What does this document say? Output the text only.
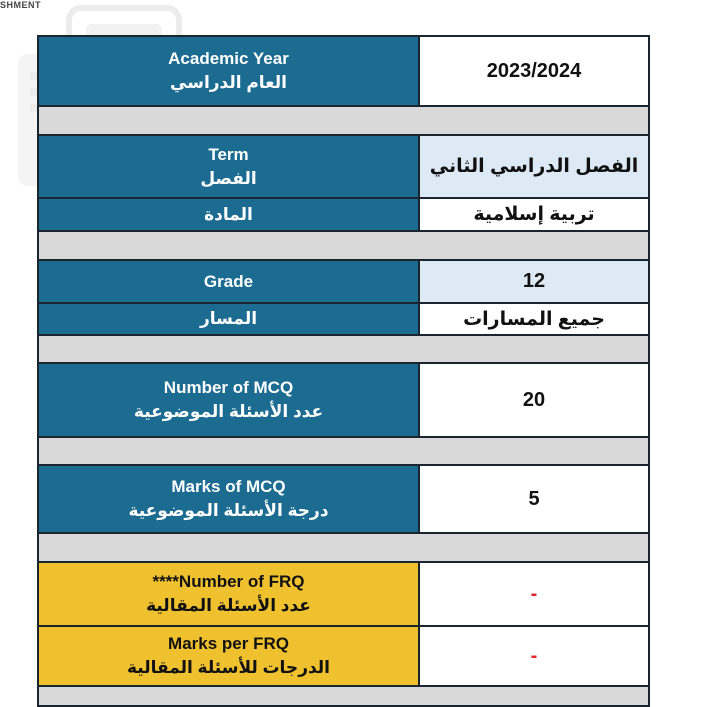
SHMENT
Academic Year
العام الدراسي	2023/2024

Term
الفصل	الفصل الدراسي الثاني

المادة	تربية إسلامية

Grade	12

المسار	جميع المسارات

Number of MCQ
عدد الأسئلة الموضوعية	20

Marks of MCQ
درجة الأسئلة الموضوعية	5

****Number of FRQ
عدد الأسئلة المقالية	-

Marks per FRQ
الدرجات للأسئلة المقالية	-
